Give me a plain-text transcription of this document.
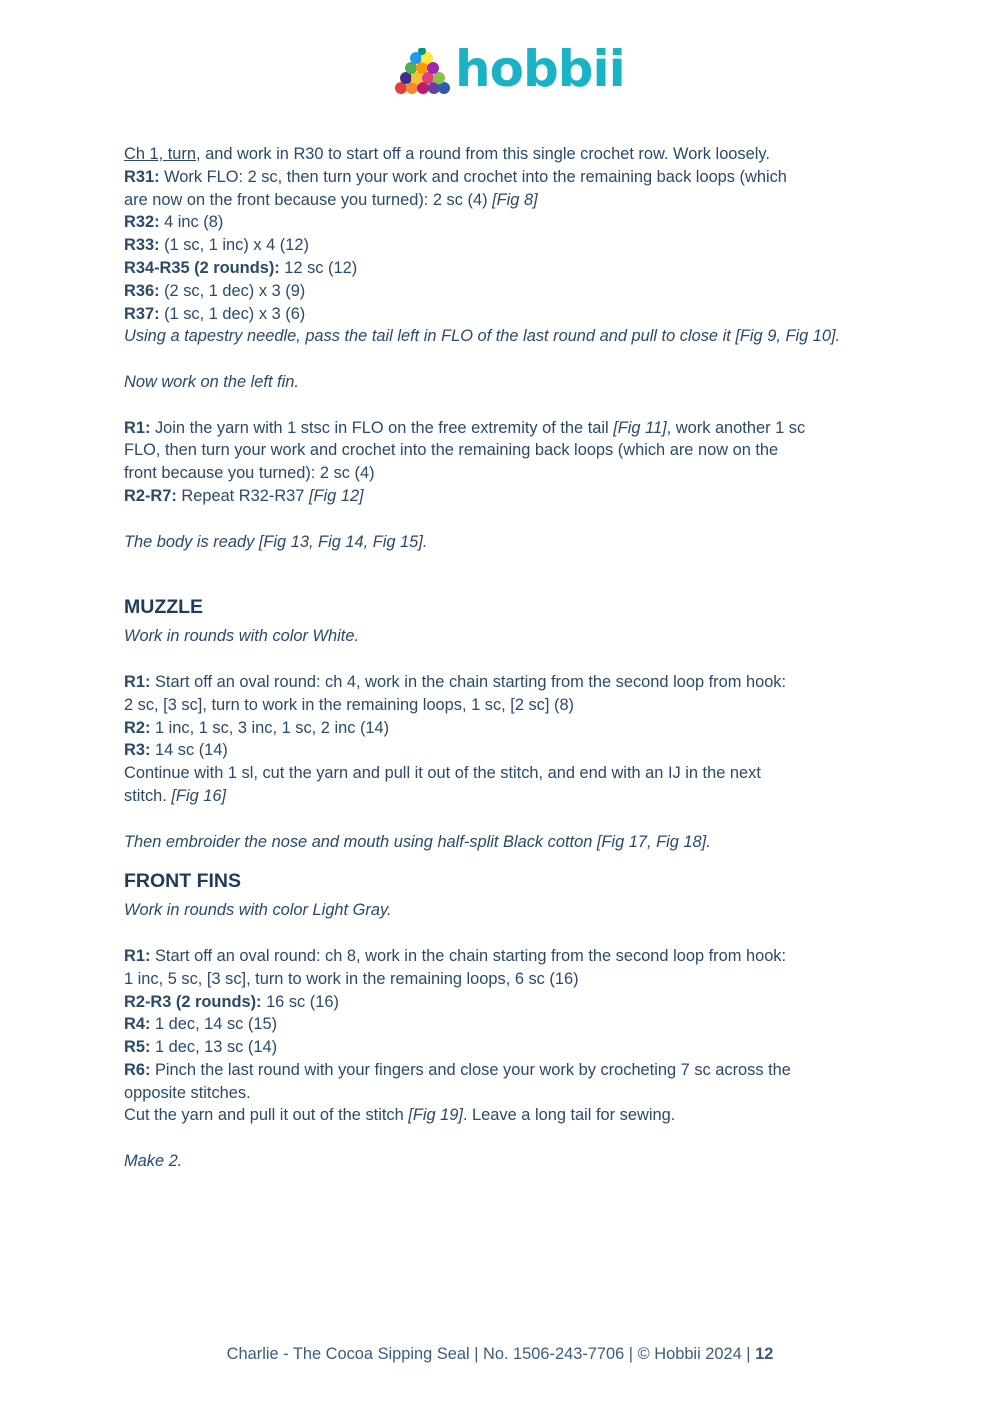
hobbii
Ch 1, turn, and work in R30 to start off a round from this single crochet row. Work loosely.
R31: Work FLO: 2 sc, then turn your work and crochet into the remaining back loops (which
are now on the front because you turned): 2 sc (4) [Fig 8]
R32: 4 inc (8)
R33: (1 sc, 1 inc) x 4 (12)
R34-R35 (2 rounds): 12 sc (12)
R36: (2 sc, 1 dec) x 3 (9)
R37: (1 sc, 1 dec) x 3 (6)
Using a tapestry needle, pass the tail left in FLO of the last round and pull to close it [Fig 9, Fig 10].
Now work on the left fin.
R1: Join the yarn with 1 stsc in FLO on the free extremity of the tail [Fig 11], work another 1 sc
FLO, then turn your work and crochet into the remaining back loops (which are now on the
front because you turned): 2 sc (4)
R2-R7: Repeat R32-R37 [Fig 12]
The body is ready [Fig 13, Fig 14, Fig 15].
MUZZLE
Work in rounds with color White.
R1: Start off an oval round: ch 4, work in the chain starting from the second loop from hook:
2 sc, [3 sc], turn to work in the remaining loops, 1 sc, [2 sc] (8)
R2: 1 inc, 1 sc, 3 inc, 1 sc, 2 inc (14)
R3: 14 sc (14)
Continue with 1 sl, cut the yarn and pull it out of the stitch, and end with an IJ in the next
stitch. [Fig 16]
Then embroider the nose and mouth using half-split Black cotton [Fig 17, Fig 18].
FRONT FINS
Work in rounds with color Light Gray.
R1: Start off an oval round: ch 8, work in the chain starting from the second loop from hook:
1 inc, 5 sc, [3 sc], turn to work in the remaining loops, 6 sc (16)
R2-R3 (2 rounds): 16 sc (16)
R4: 1 dec, 14 sc (15)
R5: 1 dec, 13 sc (14)
R6: Pinch the last round with your fingers and close your work by crocheting 7 sc across the
opposite stitches.
Cut the yarn and pull it out of the stitch [Fig 19]. Leave a long tail for sewing.
Make 2.
Charlie - The Cocoa Sipping Seal | No. 1506-243-7706 | © Hobbii 2024 | 12
